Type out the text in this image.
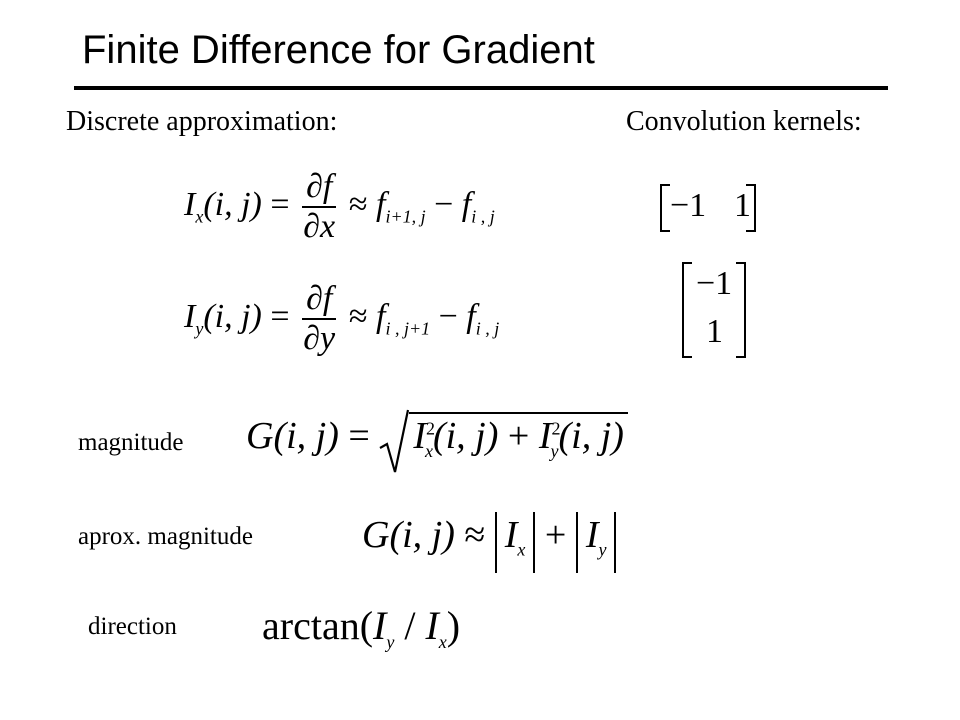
Finite Difference for Gradient
Discrete approximation:	Convolution kernels:
$I_x(i$, $j) = \frac{\partial f}{\partial x} \approx f_{i+1, j} - f_{i , j}$
$I_y(i$, $j) = \frac{\partial f}{\partial y} \approx f_{i , j+1} - f_{i , j}$
−1 1
−1
1
magnitude G(i, $j) = I^2_x(i$, $j) + I^2_y(i$, j)
aprox. magnitude	G(i, $j) \approx I_x + I_y$
direction $\arctan(I_y / I_x)$
